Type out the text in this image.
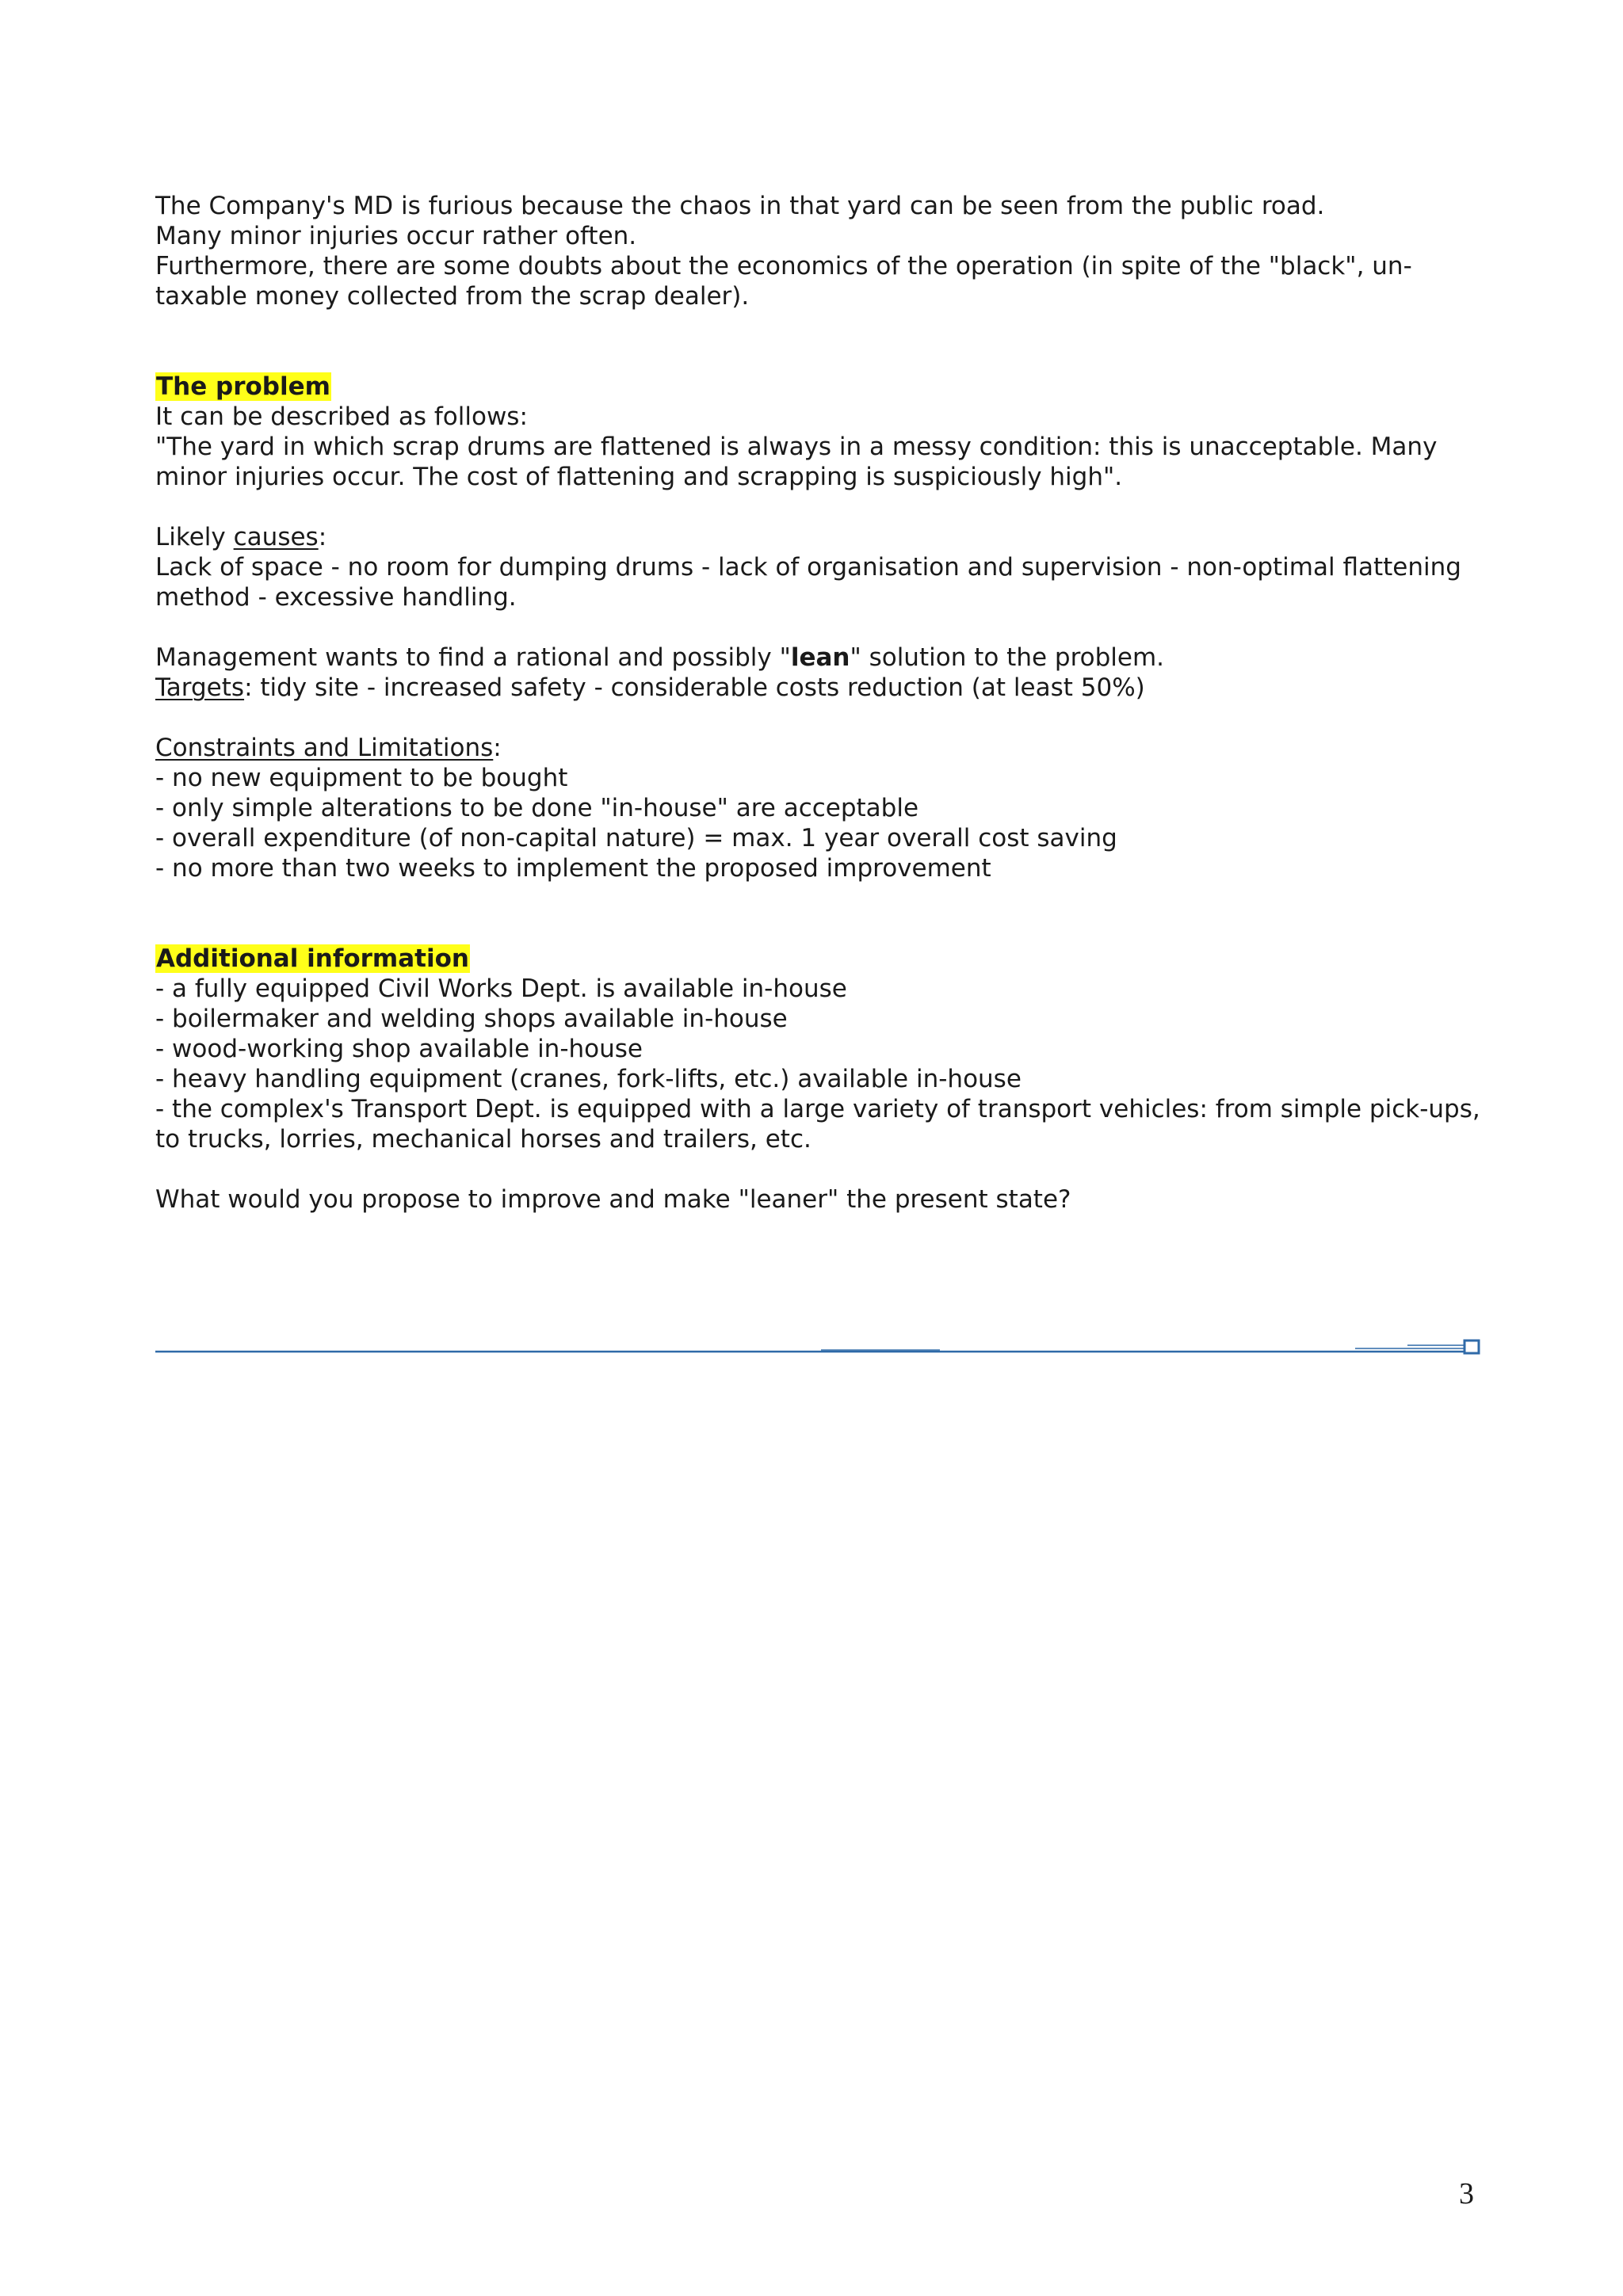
The Company's MD is furious because the chaos in that yard can be seen from the public road.

Many minor injuries occur rather often.

Furthermore, there are some doubts about the economics of the operation (in spite of the "black", un-taxable money collected from the scrap dealer).

The problem

It can be described as follows:

"The yard in which scrap drums are flattened is always in a messy condition: this is unacceptable. Many minor injuries occur. The cost of flattening and scrapping is suspiciously high".

Likely causes:

Lack of space - no room for dumping drums - lack of organisation and supervision - non-optimal flattening method - excessive handling.

Management wants to find a rational and possibly "lean" solution to the problem.

Targets: tidy site - increased safety - considerable costs reduction (at least 50%)

Constraints and Limitations:

- no new equipment to be bought

- only simple alterations to be done "in-house" are acceptable

- overall expenditure (of non-capital nature) = max. 1 year overall cost saving

- no more than two weeks to implement the proposed improvement

Additional information

- a fully equipped Civil Works Dept. is available in-house

- boilermaker and welding shops available in-house

- wood-working shop available in-house

- heavy handling equipment (cranes, fork-lifts, etc.) available in-house

- the complex's Transport Dept. is equipped with a large variety of transport vehicles: from simple pick-ups, to trucks, lorries, mechanical horses and trailers, etc.

What would you propose to improve and make "leaner" the present state?

3
